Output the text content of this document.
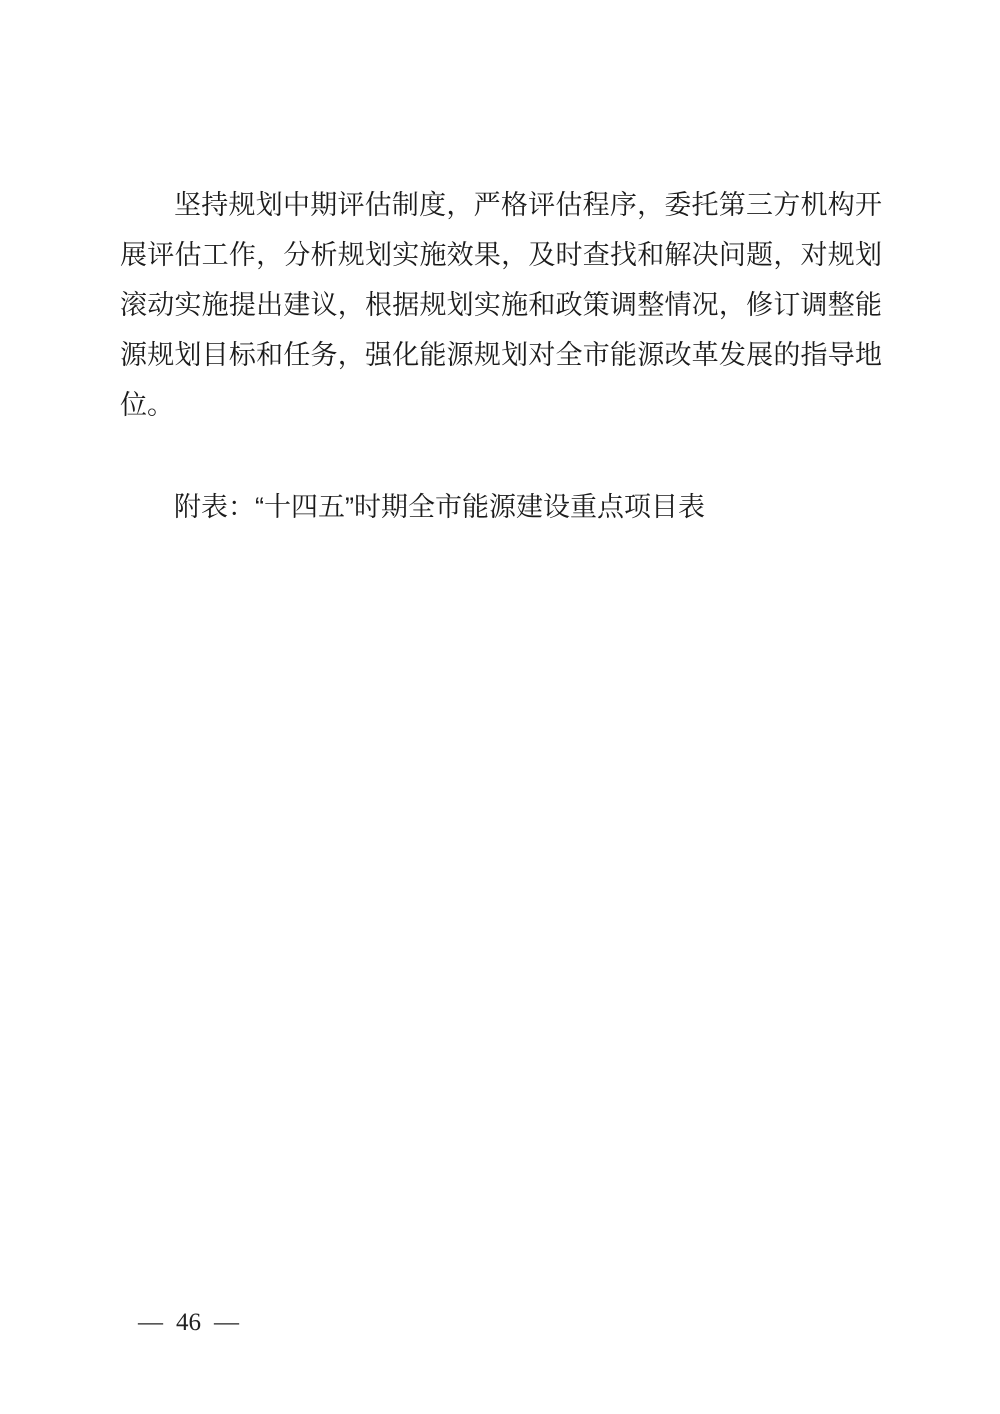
坚持规划中期评估制度，严格评估程序，委托第三方机构开展评估工作，分析规划实施效果，及时查找和解决问题，对规划滚动实施提出建议，根据规划实施和政策调整情况，修订调整能源规划目标和任务，强化能源规划对全市能源改革发展的指导地位。

附表：“十四五”时期全市能源建设重点项目表

— 46 —
